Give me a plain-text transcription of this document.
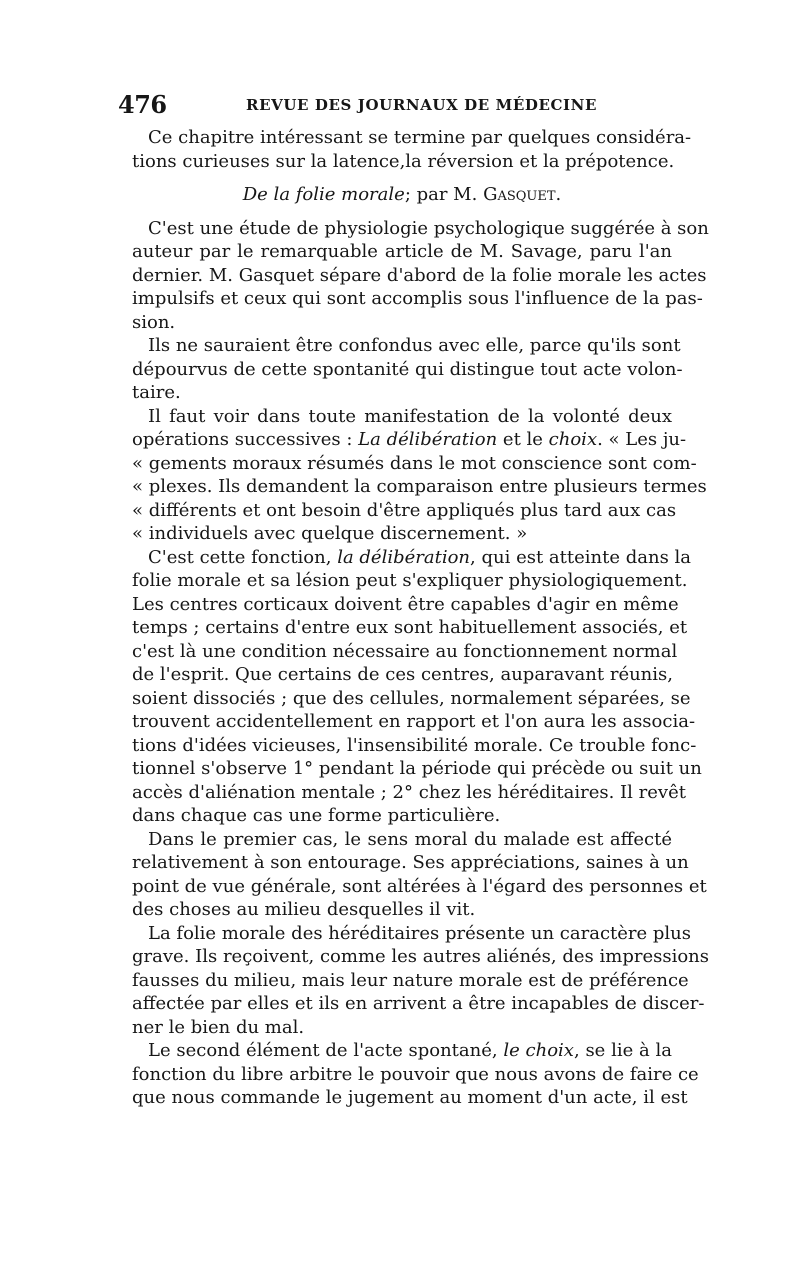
476	REVUE DES JOURNAUX DE MÉDECINE
Ce chapitre intéressant se termine par quelques considéra-
tions curieuses sur la latence,la réversion et la prépotence.
De la folie morale; par M. Gasquet.
C'est une étude de physiologie psychologique suggérée à son
auteur par le remarquable article de M. Savage, paru l'an
dernier. M. Gasquet sépare d'abord de la folie morale les actes
impulsifs et ceux qui sont accomplis sous l'influence de la pas-
sion.
Ils ne sauraient être confondus avec elle, parce qu'ils sont
dépourvus de cette spontanité qui distingue tout acte volon-
taire.
Il faut voir dans toute manifestation de la volonté deux
opérations successives : La délibération et le choix. « Les ju-
« gements moraux résumés dans le mot conscience sont com-
« plexes. Ils demandent la comparaison entre plusieurs termes
« différents et ont besoin d'être appliqués plus tard aux cas
« individuels avec quelque discernement. »
C'est cette fonction, la délibération, qui est atteinte dans la
folie morale et sa lésion peut s'expliquer physiologiquement.
Les centres corticaux doivent être capables d'agir en même
temps ; certains d'entre eux sont habituellement associés, et
c'est là une condition nécessaire au fonctionnement normal
de l'esprit. Que certains de ces centres, auparavant réunis,
soient dissociés ; que des cellules, normalement séparées, se
trouvent accidentellement en rapport et l'on aura les associa-
tions d'idées vicieuses, l'insensibilité morale. Ce trouble fonc-
tionnel s'observe 1° pendant la période qui précède ou suit un
accès d'aliénation mentale ; 2° chez les héréditaires. Il revêt
dans chaque cas une forme particulière.
Dans le premier cas, le sens moral du malade est affecté
relativement à son entourage. Ses appréciations, saines à un
point de vue générale, sont altérées à l'égard des personnes et
des choses au milieu desquelles il vit.
La folie morale des héréditaires présente un caractère plus
grave. Ils reçoivent, comme les autres aliénés, des impressions
fausses du milieu, mais leur nature morale est de préférence
affectée par elles et ils en arrivent a être incapables de discer-
ner le bien du mal.
Le second élément de l'acte spontané, le choix, se lie à la
fonction du libre arbitre le pouvoir que nous avons de faire ce
que nous commande le jugement au moment d'un acte, il est
